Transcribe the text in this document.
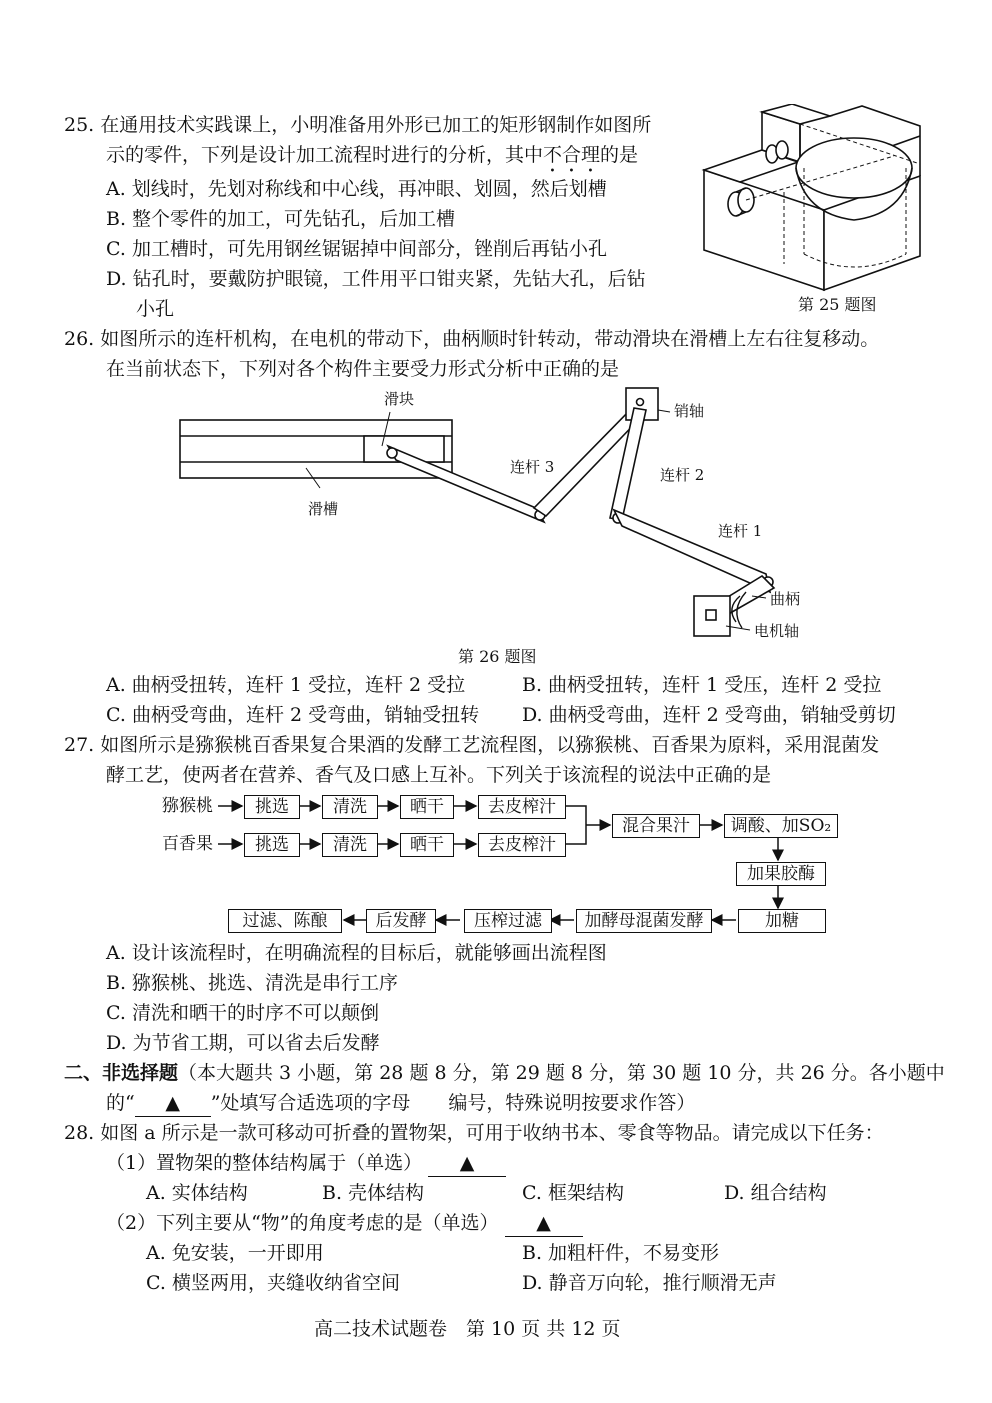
25. 在通用技术实践课上，小明准备用外形已加工的矩形钢制作如图所
示的零件，下列是设计加工流程时进行的分析，其中不合理的是
A. 划线时，先划对称线和中心线，再冲眼、划圆，然后划槽
B. 整个零件的加工，可先钻孔，后加工槽
C. 加工槽时，可先用钢丝锯锯掉中间部分，锉削后再钻小孔
D. 钻孔时，要戴防护眼镜，工件用平口钳夹紧，先钻大孔，后钻
小孔	第 25 题图
26. 如图所示的连杆机构，在电机的带动下，曲柄顺时针转动，带动滑块在滑槽上左右往复移动。
在当前状态下，下列对各个构件主要受力形式分析中正确的是
滑块
滑槽
连杆 3	连杆 2
连杆 1
销轴
曲柄
电机轴
第 26 题图
A. 曲柄受扭转，连杆 1 受拉，连杆 2 受拉	B. 曲柄受扭转，连杆 1 受压，连杆 2 受拉
C. 曲柄受弯曲，连杆 2 受弯曲，销轴受扭转 D. 曲柄受弯曲，连杆 2 受弯曲，销轴受剪切
27. 如图所示是猕猴桃百香果复合果酒的发酵工艺流程图，以猕猴桃、百香果为原料，采用混菌发
酵工艺，使两者在营养、香气及口感上互补。下列关于该流程的说法中正确的是
猕猴桃	挑选	清洗	晒干	去皮榨汁
百香果	挑选	清洗	晒干	去皮榨汁
混合果汁	调酸、加SO₂
加果胶酶
加糖
加酵母混菌发酵
压榨过滤
后发酵
过滤、陈酿
A. 设计该流程时，在明确流程的目标后，就能够画出流程图
B. 猕猴桃、挑选、清洗是串行工序
C. 清洗和晒干的时序不可以颠倒
D. 为节省工期，可以省去后发酵
二、非选择题（本大题共 3 小题，第 28 题 8 分，第 29 题 8 分，第 30 题 10 分，共 26 分。各小题中
的“ ▲ ”处填写合适选项的字母　　编号，特殊说明按要求作答）
28. 如图 a 所示是一款可移动可折叠的置物架，可用于收纳书本、零食等物品。请完成以下任务：
（1）置物架的整体结构属于（单选） ▲
A. 实体结构	B. 壳体结构	C. 框架结构	D. 组合结构
（2）下列主要从“物”的角度考虑的是（单选） ▲
A. 免安装，一开即用	B. 加粗杆件，不易变形
C. 横竖两用，夹缝收纳省空间	D. 静音万向轮，推行顺滑无声
高二技术试题卷　第 10 页 共 12 页
